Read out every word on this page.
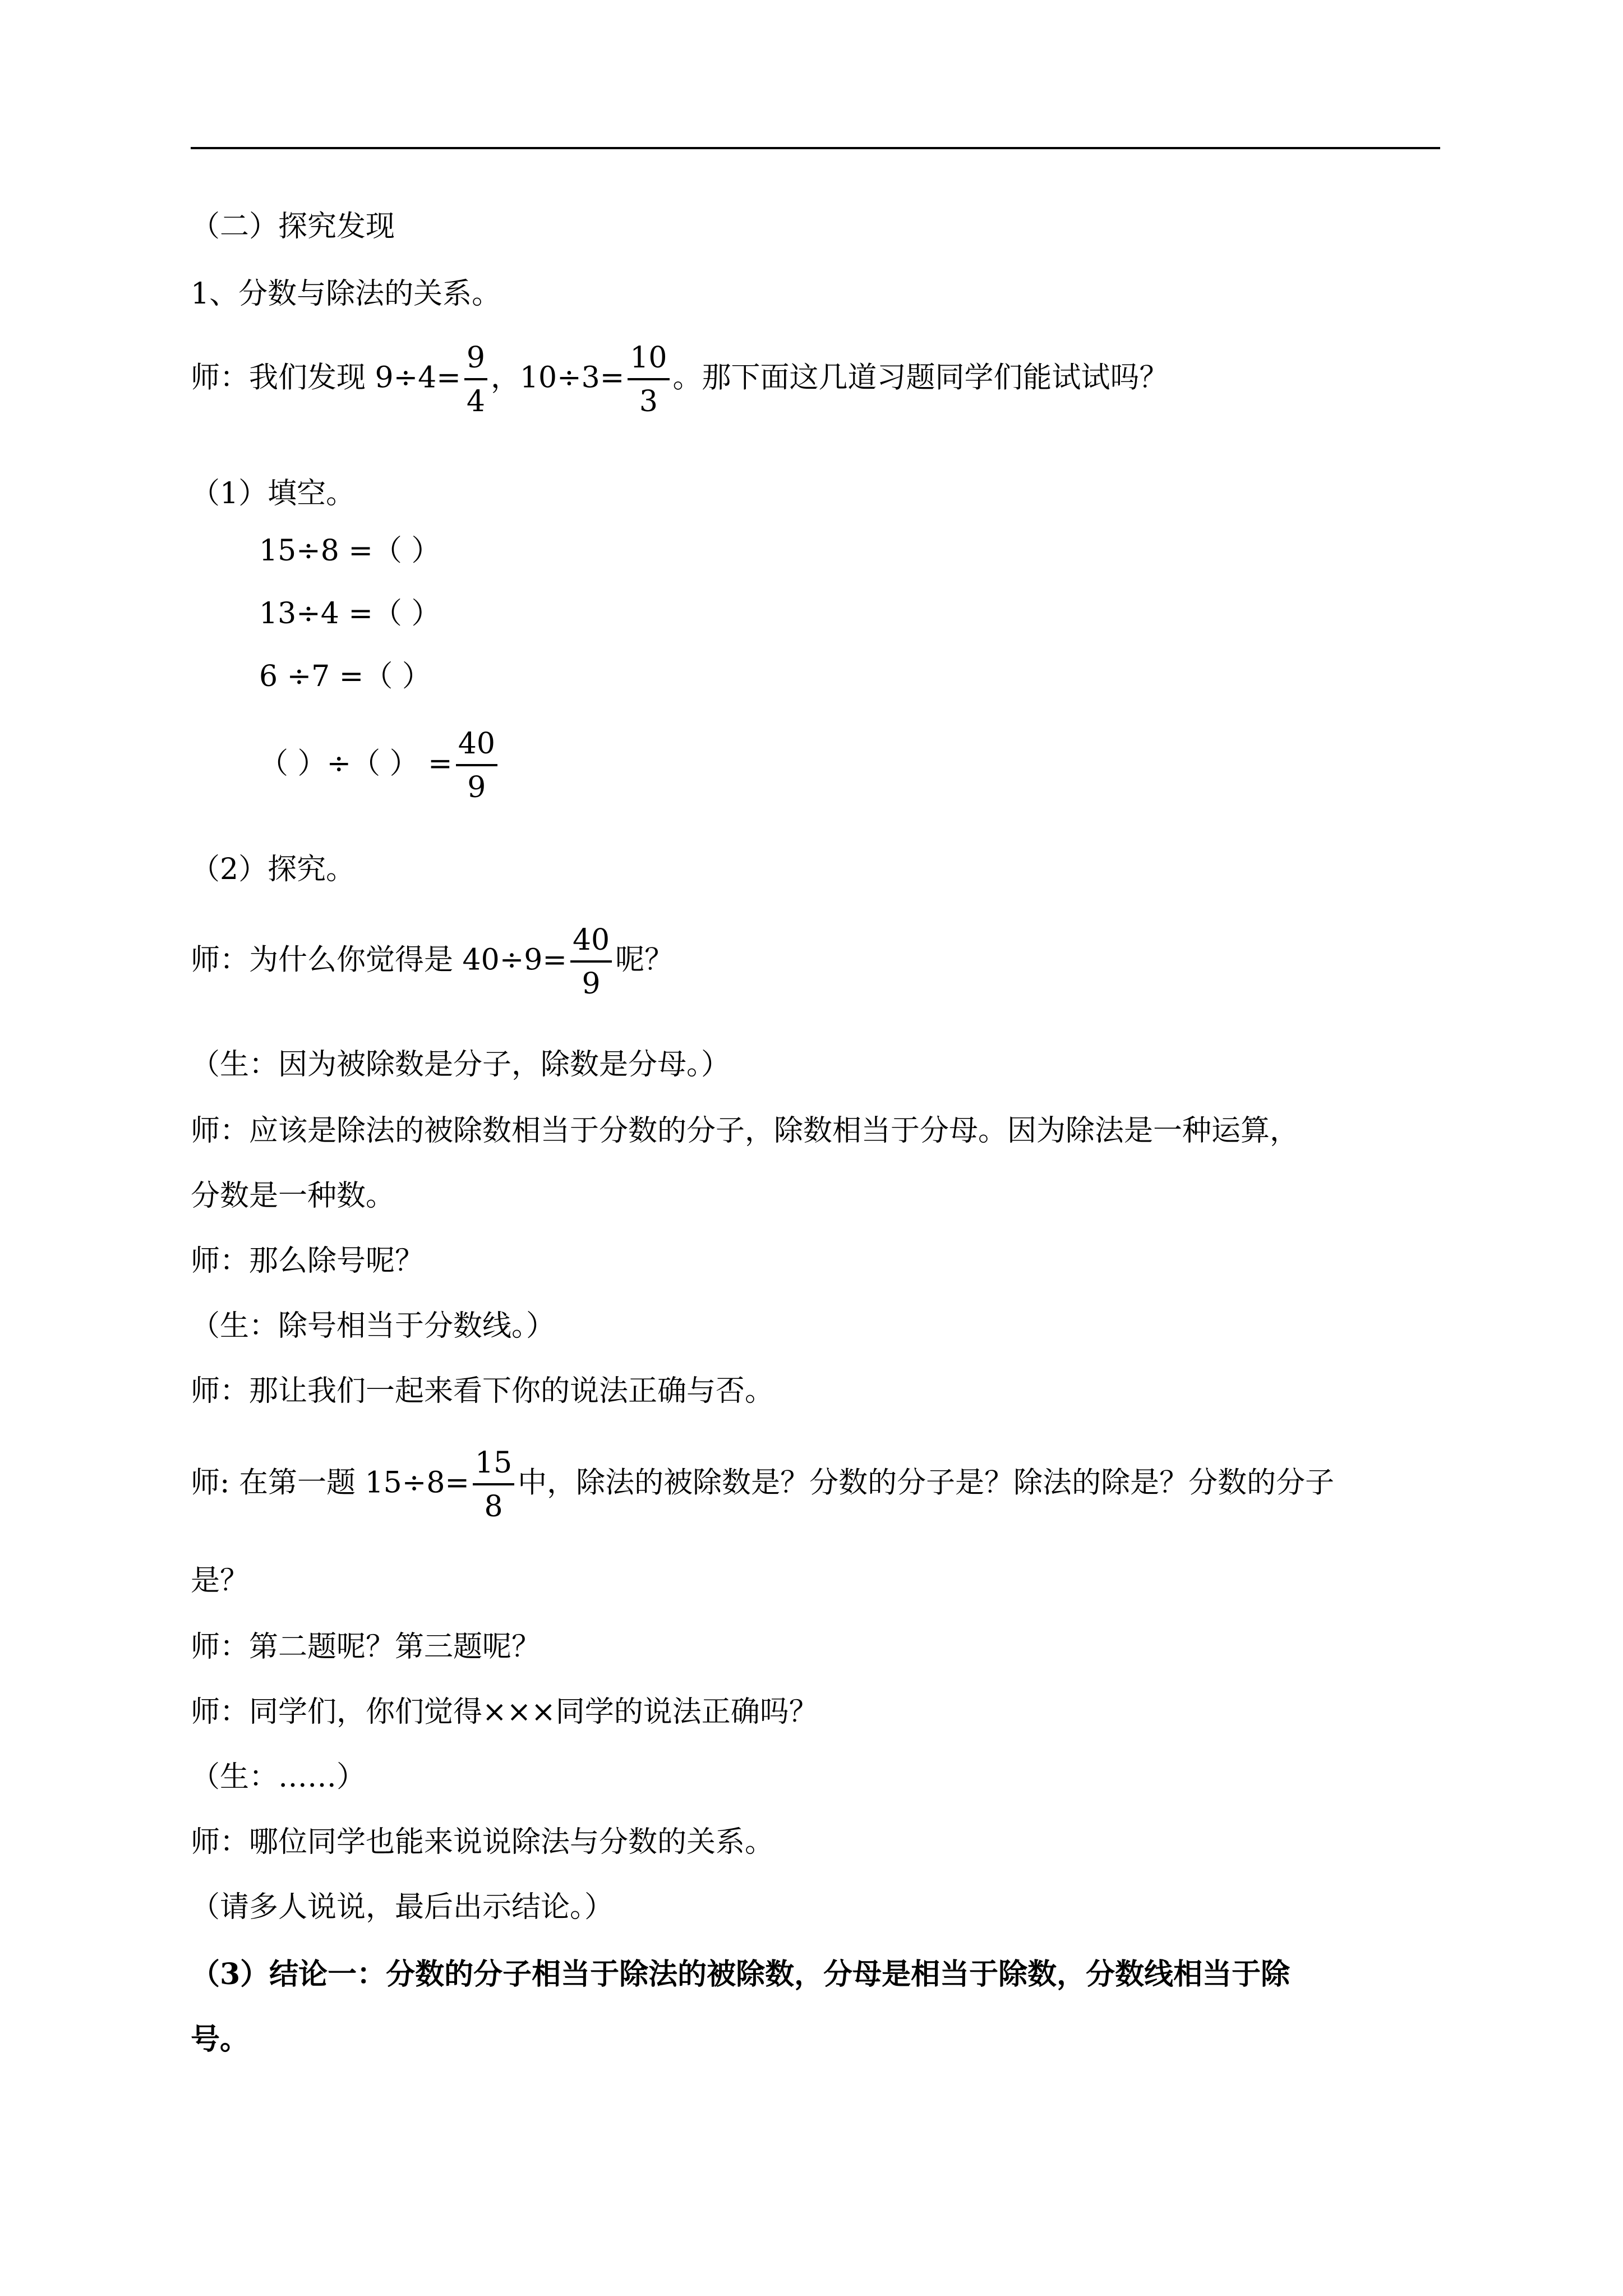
（二）探究发现
1、分数与除法的关系。
师：我们发现 $9\div 4= \frac{9}{4}$ ，$10\div 3= \frac{10}{3}$ 。那下面这几道习题同学们能试试吗？
（1）填空。
15÷8 =（ ）
13÷4 =（ ）
6 ÷7 =（ ）
（ ）÷（ ） = $\frac{40}{9}$
（2）探究。
师：为什么你觉得是 $40\div 9= \frac{40}{9}$ 呢？
（生：因为被除数是分子，除数是分母。）
师：应该是除法的被除数相当于分数的分子，除数相当于分母。因为除法是一种运算，
分数是一种数。
师：那么除号呢？
（生：除号相当于分数线。）
师：那让我们一起来看下你的说法正确与否。
师: 在第一题 $15\div 8= \frac{15}{8}$ 中，除法的被除数是？分数的分子是？除法的除是？分数的分子
是？
师：第二题呢？第三题呢？
师：同学们，你们觉得×××同学的说法正确吗？
（生：……）
师：哪位同学也能来说说除法与分数的关系。
（请多人说说，最后出示结论。）
（3）结论一：分数的分子相当于除法的被除数，分母是相当于除数，分数线相当于除
号。
